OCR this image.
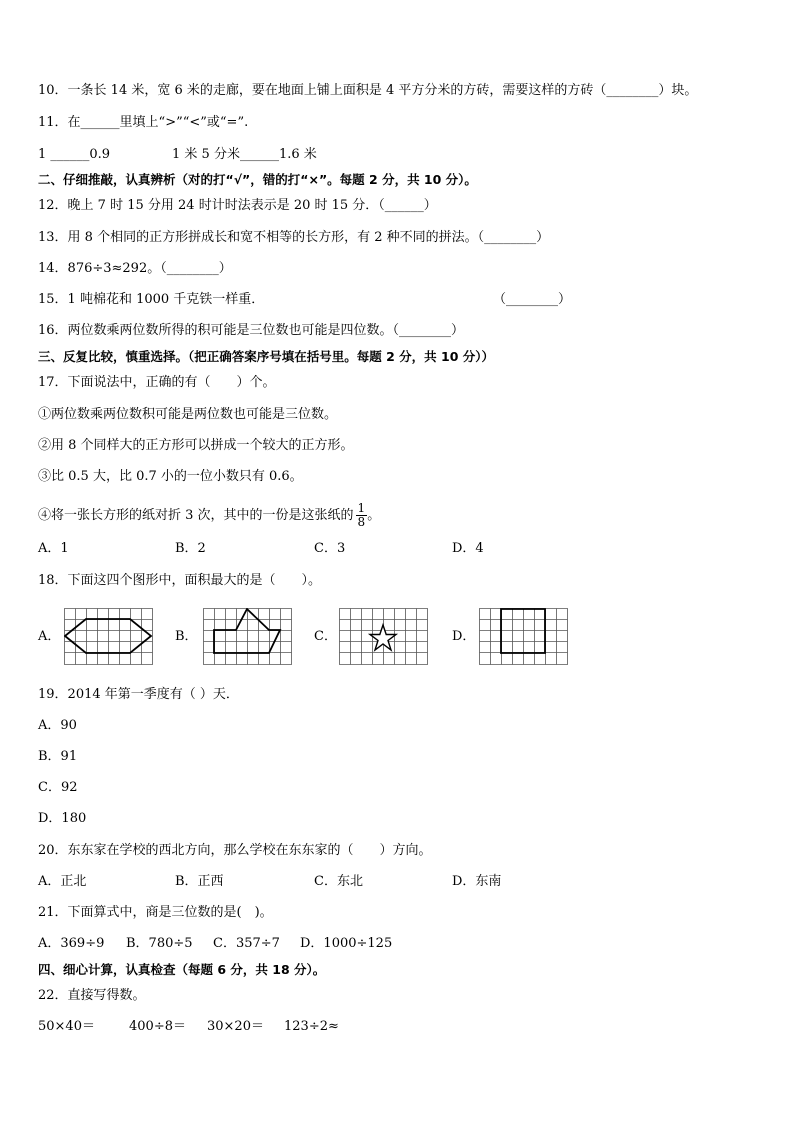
10．一条长 14 米，宽 6 米的走廊，要在地面上铺上面积是 4 平方分米的方砖，需要这样的方砖（________）块。
11．在______里填上“>”“<”或“=”.
1 ______0.9	1 米 5 分米______1.6 米
二、仔细推敲，认真辨析（对的打“√”，错的打“×”。每题 2 分，共 10 分）。
12．晚上 7 时 15 分用 24 时计时法表示是 20 时 15 分．（______）
13．用 8 个相同的正方形拼成长和宽不相等的长方形，有 2 种不同的拼法。（________）
14．876÷3≈292。（________）
15．1 吨棉花和 1000 千克铁一样重．	（________）
16．两位数乘两位数所得的积可能是三位数也可能是四位数。（________）
三、反复比较，慎重选择。（把正确答案序号填在括号里。每题 2 分，共 10 分））
17．下面说法中，正确的有（　　）个。
①两位数乘两位数积可能是两位数也可能是三位数。
②用 8 个同样大的正方形可以拼成一个较大的正方形。
③比 0.5 大，比 0.7 小的一位小数只有 0.6。
④将一张长方形的纸对折 3 次，其中的一份是这张纸的 $\frac{1}{8}$ 。
A．1	B．2	C．3	D．4
18．下面这四个图形中，面积最大的是（　　）。
A．	B．	C．	D．
19．2014 年第一季度有（ ）天．
A．90
B．91
C．92
D．180
20．东东家在学校的西北方向，那么学校在东东家的（　　）方向。
A．正北	B．正西	C．东北	D．东南
21．下面算式中，商是三位数的是(　)。
A．369÷9 B．780÷5 C．357÷7 D．1000÷125
四、细心计算，认真检查（每题 6 分，共 18 分）。
22．直接写得数。
50×40＝	400÷8＝ 30×20＝ 123÷2≈
